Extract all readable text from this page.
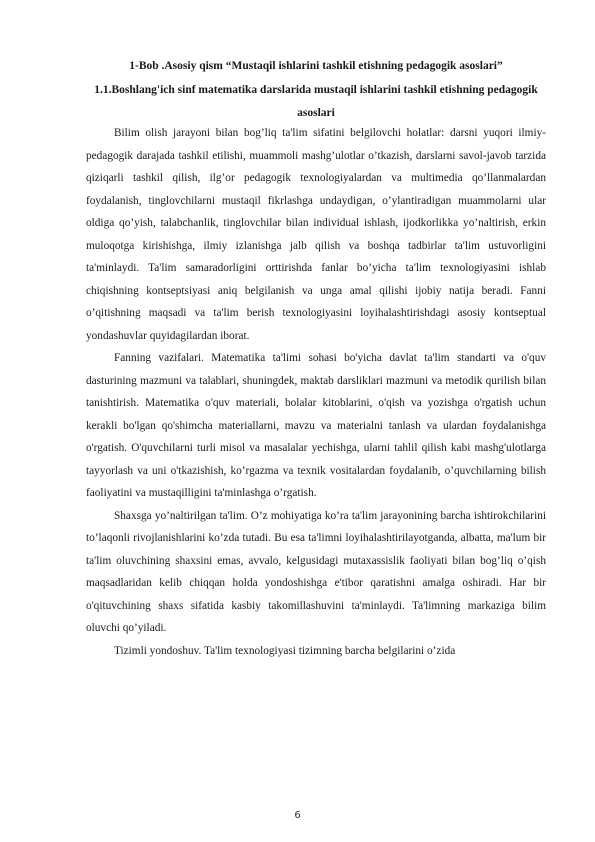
1-Bob .Asosiy qism “Mustaqil ishlarini tashkil etishning pedagogik asoslari”
1.1.Boshlang'ich sinf matematika darslarida mustaqil ishlarini tashkil etishning pedagogik asoslari

Bilim olish jarayoni bilan bog’liq ta'lim sifatini belgilovchi holatlar: darsni yuqori ilmiy-pedagogik darajada tashkil etilishi, muammoli mashg’ulotlar o’tkazish, darslarni savol-javob tarzida qiziqarli tashkil qilish, ilg’or pedagogik texnologiyalardan va multimedia qo’llanmalardan foydalanish, tinglovchilarni mustaqil fikrlashga undaydigan, o’ylantiradigan muammolarni ular oldiga qo’yish, talabchanlik, tinglovchilar bilan individual ishlash, ijodkorlikka yo’naltirish, erkin muloqotga kirishishga, ilmiy izlanishga jalb qilish va boshqa tadbirlar ta'lim ustuvorligini ta'minlaydi. Ta'lim samaradorligini orttirishda fanlar bo’yicha ta'lim texnologiyasini ishlab chiqishning kontseptsiyasi aniq belgilanish va unga amal qilishi ijobiy natija beradi. Fanni o’qitishning maqsadi va ta'lim berish texnologiyasini loyihalashtirishdagi asosiy kontseptual yondashuvlar quyidagilardan iborat.

Fanning vazifalari. Matematika ta'limi sohasi bo'yicha davlat ta'lim standarti va o'quv dasturining mazmuni va talablari, shuningdek, maktab darsliklari mazmuni va metodik qurilish bilan tanishtirish. Matematika o'quv materiali, bolalar kitoblarini, o'qish va yozishga o'rgatish uchun kerakli bo'lgan qo'shimcha materiallarni, mavzu va materialni tanlash va ulardan foydalanishga o'rgatish. O'quvchilarni turli misol va masalalar yechishga, ularni tahlil qilish kabi mashg'ulotlarga tayyorlash va uni o'tkazishish, ko’rgazma va texnik vositalardan foydalanib, o’quvchilarning bilish faoliyatini va mustaqilligini ta'minlashga o’rgatish.

Shaxsga yo’naltirilgan ta'lim. O’z mohiyatiga ko’ra ta'lim jarayonining barcha ishtirokchilarini to’laqonli rivojlanishlarini ko’zda tutadi. Bu esa ta'limni loyihalashtirilayotganda, albatta, ma'lum bir ta'lim oluvchining shaxsini emas, avvalo, kelgusidagi mutaxassislik faoliyati bilan bog’liq o’qish maqsadlaridan kelib chiqqan holda yondoshishga e'tibor qaratishni amalga oshiradi. Har bir o'qituvchining shaxs sifatida kasbiy takomillashuvini ta'minlaydi. Ta'limning markaziga bilim oluvchi qo’yiladi.

Tizimli yondoshuv. Ta'lim texnologiyasi tizimning barcha belgilarini o’zida

6
